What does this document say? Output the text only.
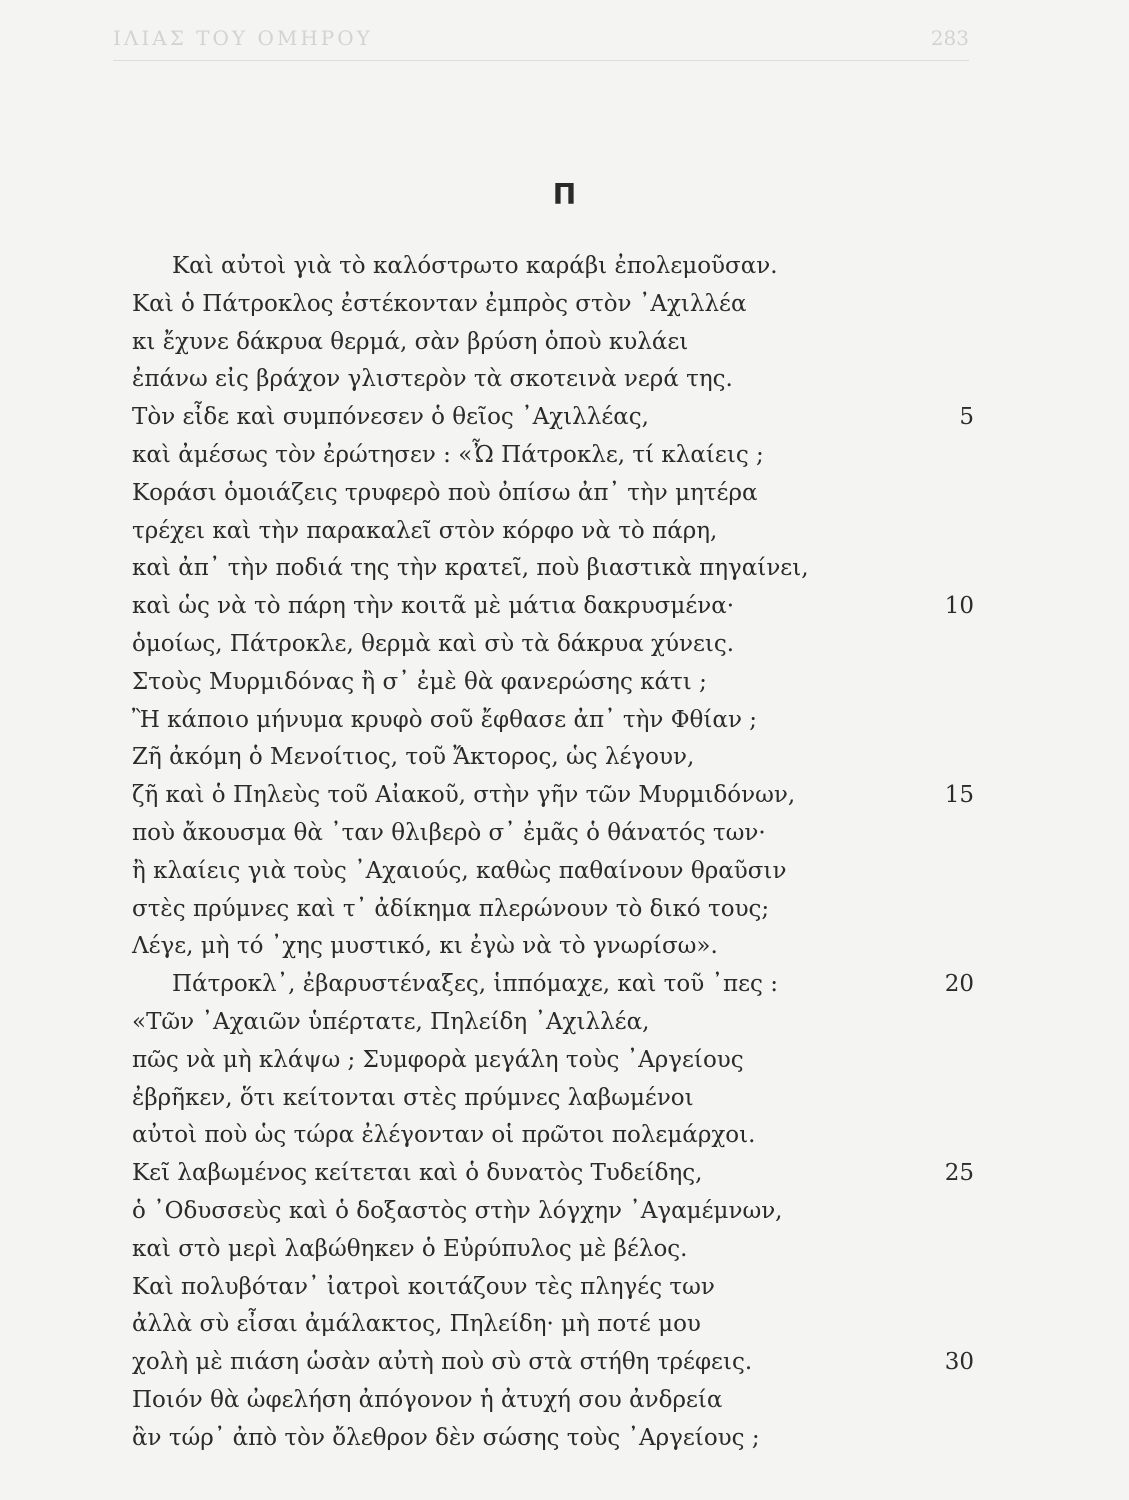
ΙΛΙΑΣ ΤΟΥ ΟΜΗΡΟΥ	283
Π
Καὶ αὐτοὶ γιὰ τὸ καλόστρωτο καράβι ἐπολεμοῦσαν.
Καὶ ὁ Πάτροκλος ἐστέκονταν ἐμπρὸς στὸν ᾿Αχιλλέα
κι ἔχυνε δάκρυα θερμά, σὰν βρύση ὁποὺ κυλάει
ἐπάνω εἰς βράχον γλιστερὸν τὰ σκοτεινὰ νερά της.
Τὸν εἶδε καὶ συμπόνεσεν ὁ θεῖος ᾿Αχιλλέας,	5
καὶ ἀμέσως τὸν ἐρώτησεν : «Ὦ Πάτροκλε, τί κλαίεις ;
Κοράσι ὁμοιάζεις τρυφερὸ ποὺ ὀπίσω ἀπ᾿ τὴν μητέρα
τρέχει καὶ τὴν παρακαλεῖ στὸν κόρφο νὰ τὸ πάρη,
καὶ ἀπ᾿ τὴν ποδιά της τὴν κρατεῖ, ποὺ βιαστικὰ πηγαίνει,
καὶ ὡς νὰ τὸ πάρη τὴν κοιτᾶ μὲ μάτια δακρυσμένα·	10
ὁμοίως, Πάτροκλε, θερμὰ καὶ σὺ τὰ δάκρυα χύνεις.
Στοὺς Μυρμιδόνας ἢ σ᾿ ἐμὲ θὰ φανερώσης κάτι ;
Ἢ κάποιο μήνυμα κρυφὸ σοῦ ἔφθασε ἀπ᾿ τὴν Φθίαν ;
Ζῆ ἀκόμη ὁ Μενοίτιος, τοῦ Ἄκτορος, ὡς λέγουν,
ζῆ καὶ ὁ Πηλεὺς τοῦ Αἰακοῦ, στὴν γῆν τῶν Μυρμιδόνων,	15
ποὺ ἄκουσμα θὰ ᾿ταν θλιβερὸ σ᾿ ἐμᾶς ὁ θάνατός των·
ἢ κλαίεις γιὰ τοὺς ᾿Αχαιούς, καθὼς παθαίνουν θραῦσιν
στὲς πρύμνες καὶ τ᾿ ἀδίκημα πλερώνουν τὸ δικό τους;
Λέγε, μὴ τό ᾿χης μυστικό, κι ἐγὼ νὰ τὸ γνωρίσω».
Πάτροκλ᾿, ἐβαρυστέναξες, ἱππόμαχε, καὶ τοῦ ᾿πες :	20
«Τῶν ᾿Αχαιῶν ὑπέρτατε, Πηλείδη ᾿Αχιλλέα,
πῶς νὰ μὴ κλάψω ; Συμφορὰ μεγάλη τοὺς ᾿Αργείους
ἐβρῆκεν, ὅτι κείτονται στὲς πρύμνες λαβωμένοι
αὐτοὶ ποὺ ὡς τώρα ἐλέγονταν οἱ πρῶτοι πολεμάρχοι.
Κεῖ λαβωμένος κείτεται καὶ ὁ δυνατὸς Τυδείδης,	25
ὁ ᾿Οδυσσεὺς καὶ ὁ δοξαστὸς στὴν λόγχην ᾿Αγαμέμνων,
καὶ στὸ μερὶ λαβώθηκεν ὁ Εὐρύπυλος μὲ βέλος.
Καὶ πολυβόταν᾿ ἰατροὶ κοιτάζουν τὲς πληγές των
ἀλλὰ σὺ εἶσαι ἀμάλακτος, Πηλείδη· μὴ ποτέ μου
χολὴ μὲ πιάση ὡσὰν αὐτὴ ποὺ σὺ στὰ στήθη τρέφεις.	30
Ποιόν θὰ ὠφελήση ἀπόγονον ἡ ἀτυχή σου ἀνδρεία
ἂν τώρ᾿ ἀπὸ τὸν ὄλεθρον δὲν σώσης τοὺς ᾿Αργείους ;
